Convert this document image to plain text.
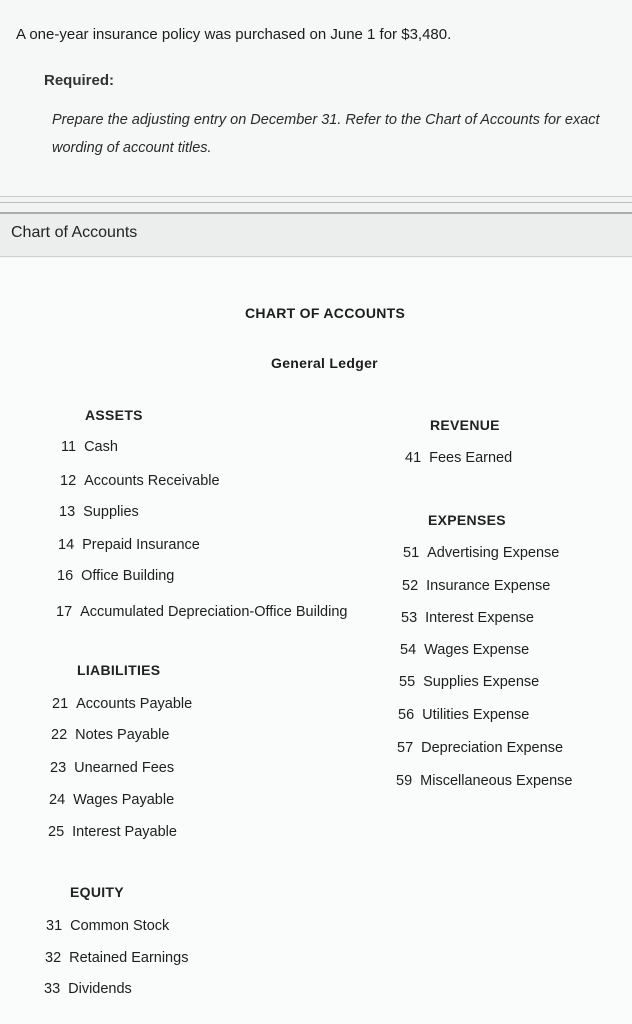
A one-year insurance policy was purchased on June 1 for $3,480.
Required:
Prepare the adjusting entry on December 31. Refer to the Chart of Accounts for exact wording of account titles.
Chart of Accounts
CHART OF ACCOUNTS
General Ledger
ASSETS
11 Cash
12 Accounts Receivable
13 Supplies
14 Prepaid Insurance
16 Office Building
17 Accumulated Depreciation-Office Building
LIABILITIES
21 Accounts Payable
22 Notes Payable
23 Unearned Fees
24 Wages Payable
25 Interest Payable
EQUITY
31 Common Stock
32 Retained Earnings
33 Dividends
REVENUE
41 Fees Earned
EXPENSES
51 Advertising Expense
52 Insurance Expense
53 Interest Expense
54 Wages Expense
55 Supplies Expense
56 Utilities Expense
57 Depreciation Expense
59 Miscellaneous Expense
